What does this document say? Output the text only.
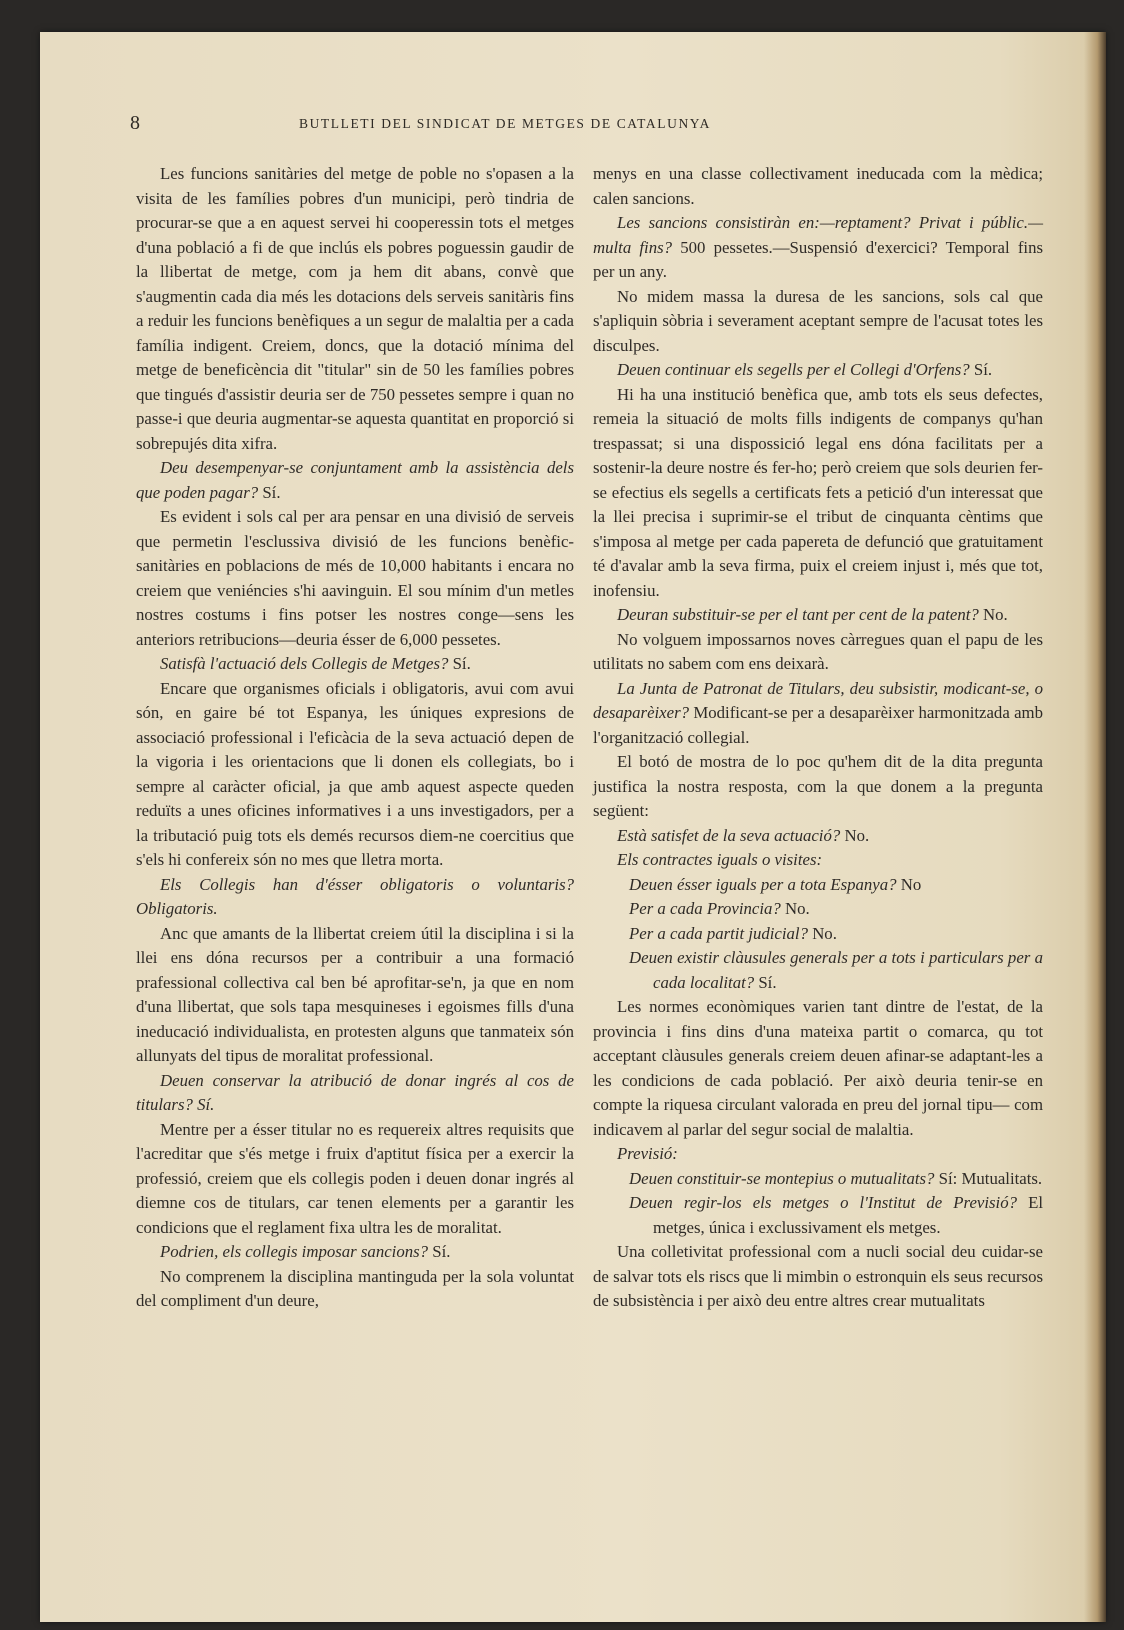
8	BUTLLETI DEL SINDICAT DE METGES DE CATALUNYA

Les funcions sanitàries del metge de poble no s'opasen a la visita de les famílies pobres d'un municipi, però tindria de procurar-se que a en aquest servei hi cooperessin tots el metges d'una població a fi de que inclús els pobres poguessin gaudir de la llibertat de metge, com ja hem dit abans, convè que s'augmentin cada dia més les dotacions dels serveis sanitàris fins a reduir les funcions benèfiques a un segur de malaltia per a cada família indigent. Creiem, doncs, que la dotació mínima del metge de beneficència dit "titular" sin de 50 les famílies pobres que tingués d'assistir deuria ser de 750 pessetes sempre i quan no passe-i que deuria augmentar-se aquesta quantitat en proporció si sobrepujés dita xifra.

Deu desempenyar-se conjuntament amb la assistència dels que poden pagar? Sí.

Es evident i sols cal per ara pensar en una divisió de serveis que permetin l'esclussiva divisió de les funcions benèfic-sanitàries en poblacions de més de 10,000 habitants i encara no creiem que veniéncies s'hi aavinguin. El sou mínim d'un metles nostres costums i fins potser les nostres conge—sens les anteriors retribucions—deuria ésser de 6,000 pessetes.

Satisfà l'actuació dels Collegis de Metges? Sí.

Encare que organismes oficials i obligatoris, avui com avui són, en gaire bé tot Espanya, les úniques expresions de associació professional i l'eficàcia de la seva actuació depen de la vigoria i les orientacions que li donen els collegiats, bo i sempre al caràcter oficial, ja que amb aquest aspecte queden reduïts a unes oficines informatives i a uns investigadors, per a la tributació puig tots els demés recursos diem-ne coercitius que s'els hi confereix són no mes que lletra morta.

Els Collegis han d'ésser obligatoris o voluntaris? Obligatoris.

Anc que amants de la llibertat creiem útil la disciplina i si la llei ens dóna recursos per a contribuir a una formació prafessional collectiva cal ben bé aprofitar-se'n, ja que en nom d'una llibertat, que sols tapa mesquineses i egoismes fills d'una ineducació individualista, en protesten alguns que tanmateix són allunyats del tipus de moralitat professional.

Deuen conservar la atribució de donar ingrés al cos de titulars? Sí.

Mentre per a ésser titular no es requereix altres requisits que l'acreditar que s'és metge i fruix d'aptitut física per a exercir la professió, creiem que els collegis poden i deuen donar ingrés al diemne cos de titulars, car tenen elements per a garantir les condicions que el reglament fixa ultra les de moralitat.

Podrien, els collegis imposar sancions? Sí.

No comprenem la disciplina mantinguda per la sola voluntat del compliment d'un deure,

menys en una classe collectivament ineducada com la mèdica; calen sancions.

Les sancions consistiràn en:—reptament? Privat i públic.—multa fins? 500 pessetes.—Suspensió d'exercici? Temporal fins per un any.

No midem massa la duresa de les sancions, sols cal que s'apliquin sòbria i severament aceptant sempre de l'acusat totes les disculpes.

Deuen continuar els segells per el Collegi d'Orfens? Sí.

Hi ha una institució benèfica que, amb tots els seus defectes, remeia la situació de molts fills indigents de companys qu'han trespassat; si una dispossició legal ens dóna facilitats per a sostenir-la deure nostre és fer-ho; però creiem que sols deurien fer-se efectius els segells a certificats fets a petició d'un interessat que la llei precisa i suprimir-se el tribut de cinquanta cèntims que s'imposa al metge per cada papereta de defunció que gratuitament té d'avalar amb la seva firma, puix el creiem injust i, més que tot, inofensiu.

Deuran substituir-se per el tant per cent de la patent? No.

No volguem impossarnos noves càrregues quan el papu de les utilitats no sabem com ens deixarà.

La Junta de Patronat de Titulars, deu subsistir, modicant-se, o desaparèixer? Modificant-se per a desaparèixer harmonitzada amb l'organització collegial.

El botó de mostra de lo poc qu'hem dit de la dita pregunta justifica la nostra resposta, com la que donem a la pregunta següent:

Està satisfet de la seva actuació? No.

Els contractes iguals o visites:

Deuen ésser iguals per a tota Espanya? No

Per a cada Provincia? No.

Per a cada partit judicial? No.

Deuen existir clàusules generals per a tots i particulars per a cada localitat? Sí.

Les normes econòmiques varien tant dintre de l'estat, de la provincia i fins dins d'una mateixa partit o comarca, qu tot acceptant clàusules generals creiem deuen afinar-se adaptant-les a les condicions de cada població. Per això deuria tenir-se en compte la riquesa circulant valorada en preu del jornal tipu— com indicavem al parlar del segur social de malaltia.

Previsió:

Deuen constituir-se montepius o mutualitats? Sí: Mutualitats.

Deuen regir-los els metges o l'Institut de Previsió? El metges, única i exclussivament els metges.

Una colletivitat professional com a nucli social deu cuidar-se de salvar tots els riscs que li mimbin o estronquin els seus recursos de subsistència i per això deu entre altres crear mutualitats
